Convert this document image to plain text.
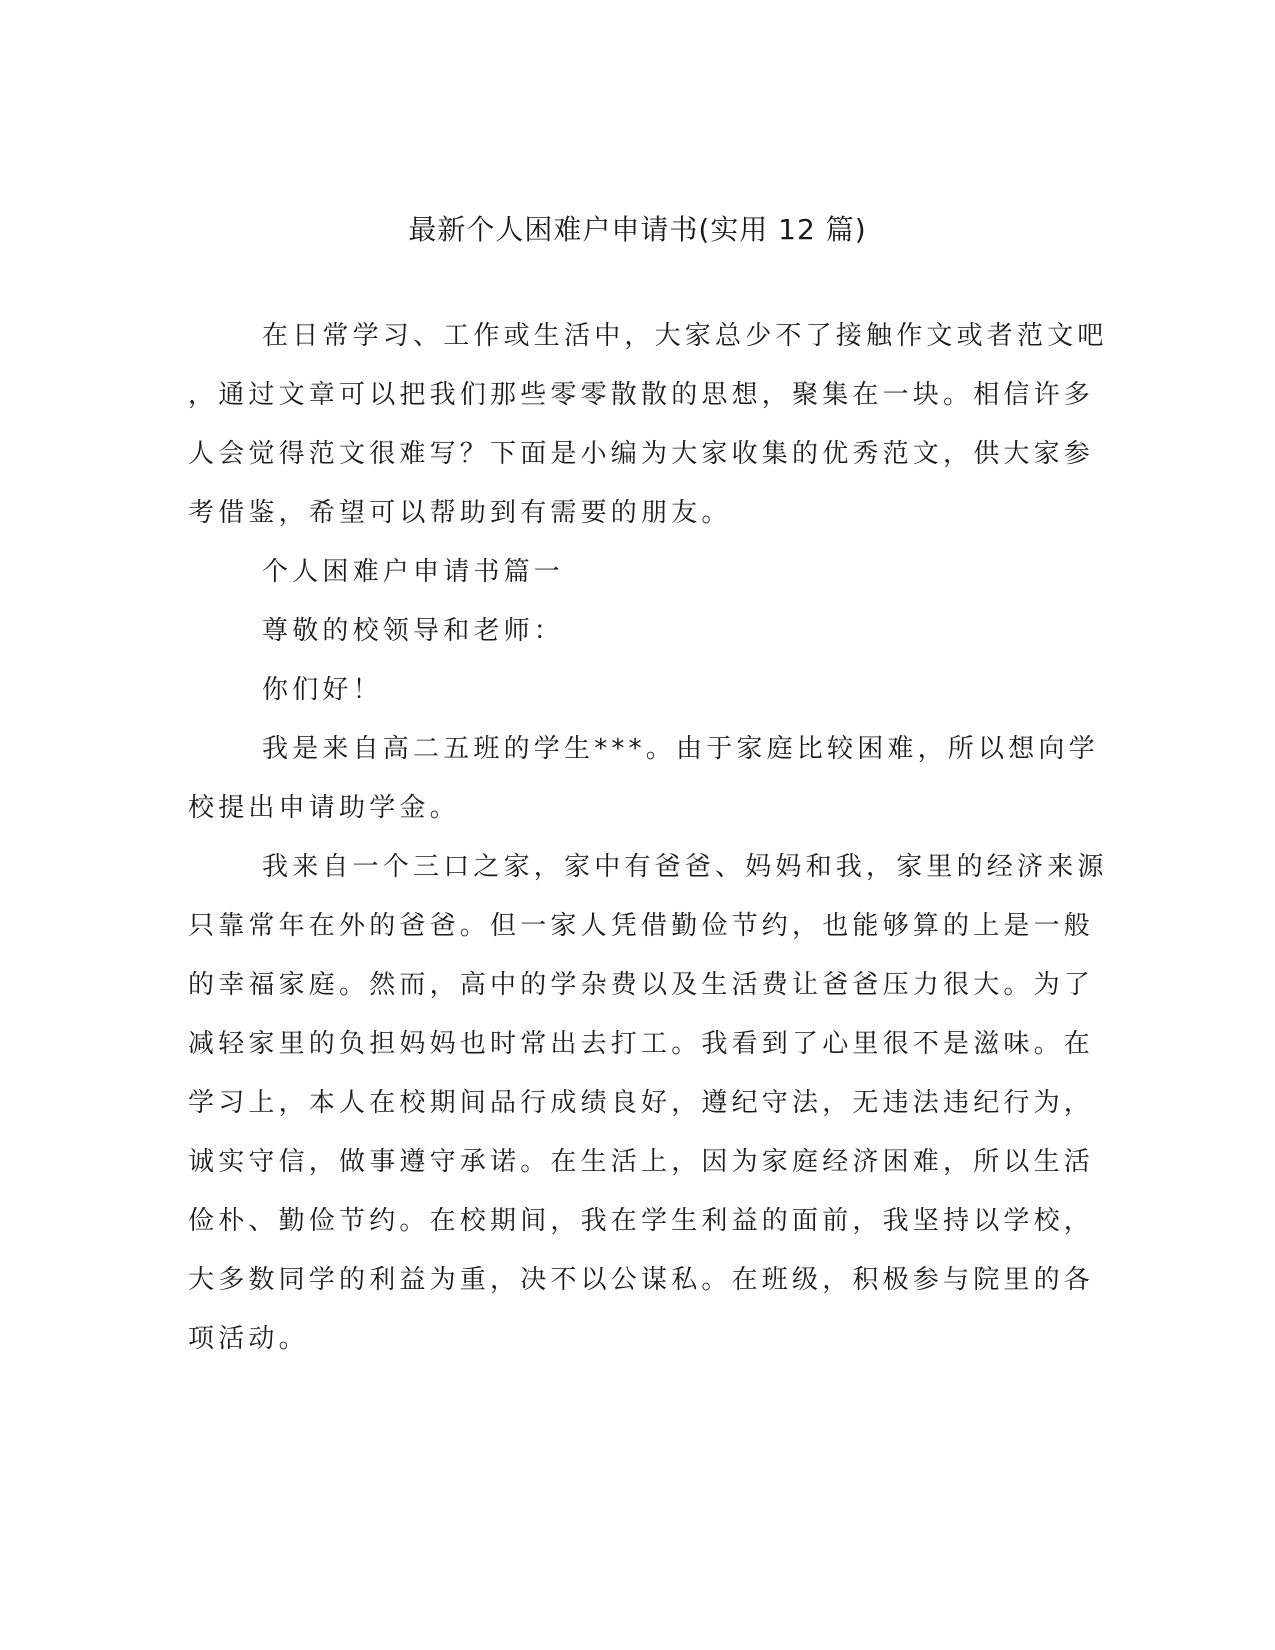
最新个人困难户申请书(实用 12 篇)
在日常学习、工作或生活中，大家总少不了接触作文或者范文吧
，通过文章可以把我们那些零零散散的思想，聚集在一块。相信许多
人会觉得范文很难写？下面是小编为大家收集的优秀范文，供大家参
考借鉴，希望可以帮助到有需要的朋友。
个人困难户申请书篇一
尊敬的校领导和老师：
你们好！
我是来自高二五班的学生***。由于家庭比较困难，所以想向学
校提出申请助学金。
我来自一个三口之家，家中有爸爸、妈妈和我，家里的经济来源
只靠常年在外的爸爸。但一家人凭借勤俭节约，也能够算的上是一般
的幸福家庭。然而，高中的学杂费以及生活费让爸爸压力很大。为了
减轻家里的负担妈妈也时常出去打工。我看到了心里很不是滋味。在
学习上，本人在校期间品行成绩良好，遵纪守法，无违法违纪行为，
诚实守信，做事遵守承诺。在生活上，因为家庭经济困难，所以生活
俭朴、勤俭节约。在校期间，我在学生利益的面前，我坚持以学校，
大多数同学的利益为重，决不以公谋私。在班级，积极参与院里的各
项活动。
